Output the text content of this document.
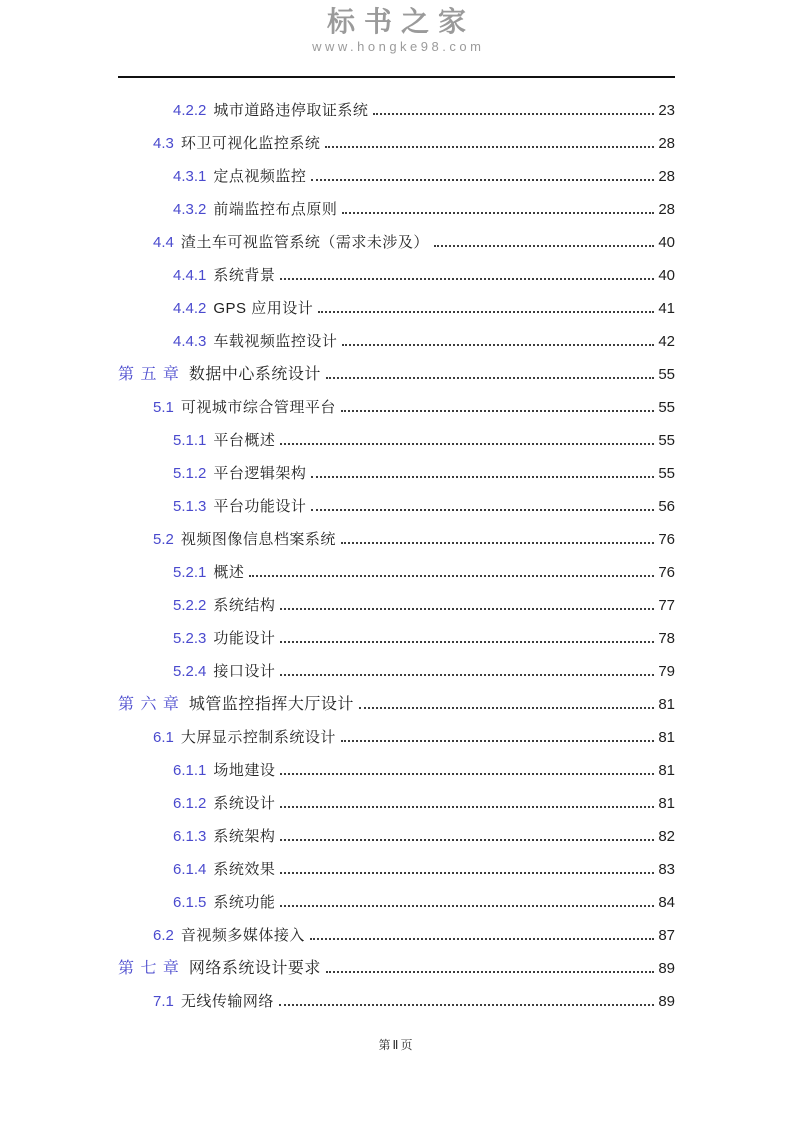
标书之家
www.hongke98.com
4.2.2 城市道路违停取证系统	23
4.3 环卫可视化监控系统	28
4.3.1 定点视频监控	28
4.3.2 前端监控布点原则	28
4.4 渣土车可视监管系统（需求未涉及）	40
4.4.1 系统背景	40
4.4.2 GPS 应用设计	41
4.4.3 车载视频监控设计	42
第 五 章 数据中心系统设计	55
5.1 可视城市综合管理平台	55
5.1.1 平台概述	55
5.1.2 平台逻辑架构	55
5.1.3 平台功能设计	56
5.2 视频图像信息档案系统	76
5.2.1 概述	76
5.2.2 系统结构	77
5.2.3 功能设计	78
5.2.4 接口设计	79
第 六 章 城管监控指挥大厅设计	81
6.1 大屏显示控制系统设计	81
6.1.1 场地建设	81
6.1.2 系统设计	81
6.1.3 系统架构	82
6.1.4 系统效果	83
6.1.5 系统功能	84
6.2 音视频多媒体接入	87
第 七 章 网络系统设计要求	89
7.1 无线传输网络	89
第Ⅱ页
